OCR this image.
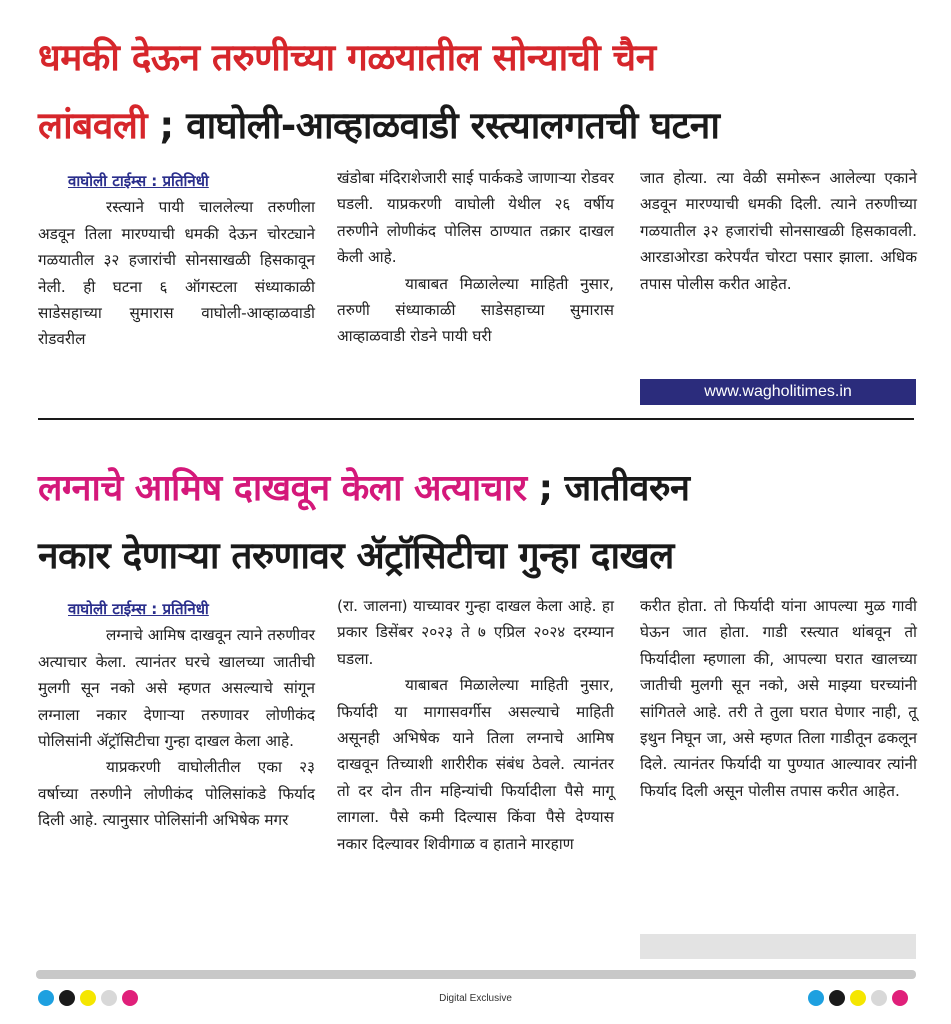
धमकी देऊन तरुणीच्या गळयातील सोन्याची चैन
लांबवली ; वाघोली-आव्हाळवाडी रस्त्यालगतची घटना
वाघोली टाईम्स : प्रतिनिधी

रस्त्याने पायी चाललेल्या तरुणीला अडवून तिला मारण्याची धमकी देऊन चोरट्याने गळयातील ३२ हजारांची सोनसाखळी हिसकावून नेली. ही घटना ६ ऑगस्टला संध्याकाळी साडेसहाच्या सुमारास वाघोली-आव्हाळवाडी रोडवरील

खंडोबा मंदिराशेजारी साई पार्ककडे जाणाऱ्या रोडवर घडली. याप्रकरणी वाघोली येथील २६ वर्षीय तरुणीने लोणीकंद पोलिस ठाण्यात तक्रार दाखल केली आहे.

याबाबत मिळालेल्या माहिती नुसार, तरुणी संध्याकाळी साडेसहाच्या सुमारास आव्हाळवाडी रोडने पायी घरी

जात होत्या. त्या वेळी समोरून आलेल्या एकाने अडवून मारण्याची धमकी दिली. त्याने तरुणीच्या गळयातील ३२ हजारांची सोनसाखळी हिसकावली. आरडाओरडा करेपर्यंत चोरटा पसार झाला. अधिक तपास पोलीस करीत आहेत.

www.wagholitimes.in
लग्नाचे आमिष दाखवून केला अत्याचार ; जातीवरुन
नकार देणाऱ्या तरुणावर ॲट्रॉसिटीचा गुन्हा दाखल
वाघोली टाईम्स : प्रतिनिधी

लग्नाचे आमिष दाखवून त्याने तरुणीवर अत्याचार केला. त्यानंतर घरचे खालच्या जातीची मुलगी सून नको असे म्हणत असल्याचे सांगून लग्नाला नकार देणाऱ्या तरुणावर लोणीकंद पोलिसांनी ॲट्रॉसिटीचा गुन्हा दाखल केला आहे.

याप्रकरणी वाघोलीतील एका २३ वर्षाच्या तरुणीने लोणीकंद पोलिसांकडे फिर्याद दिली आहे. त्यानुसार पोलिसांनी अभिषेक मगर

(रा. जालना) याच्यावर गुन्हा दाखल केला आहे. हा प्रकार डिसेंबर २०२३ ते ७ एप्रिल २०२४ दरम्यान घडला.

याबाबत मिळालेल्या माहिती नुसार, फिर्यादी या मागासवर्गीस असल्याचे माहिती असूनही अभिषेक याने तिला लग्नाचे आमिष दाखवून तिच्याशी शारीरीक संबंध ठेवले. त्यानंतर तो दर दोन तीन महिन्यांची फिर्यादीला पैसे मागू लागला. पैसे कमी दिल्यास किंवा पैसे देण्यास नकार दिल्यावर शिवीगाळ व हाताने मारहाण

करीत होता. तो फिर्यादी यांना आपल्या मुळ गावी घेऊन जात होता. गाडी रस्त्यात थांबवून तो फिर्यादीला म्हणाला की, आपल्या घरात खालच्या जातीची मुलगी सून नको, असे माझ्या घरच्यांनी सांगितले आहे. तरी ते तुला घरात घेणार नाही, तू इथुन निघून जा, असे म्हणत तिला गाडीतून ढकलून दिले. त्यानंतर फिर्यादी या पुण्यात आल्यावर त्यांनी फिर्याद दिली असून पोलीस तपास करीत आहेत.

Digital Exclusive
